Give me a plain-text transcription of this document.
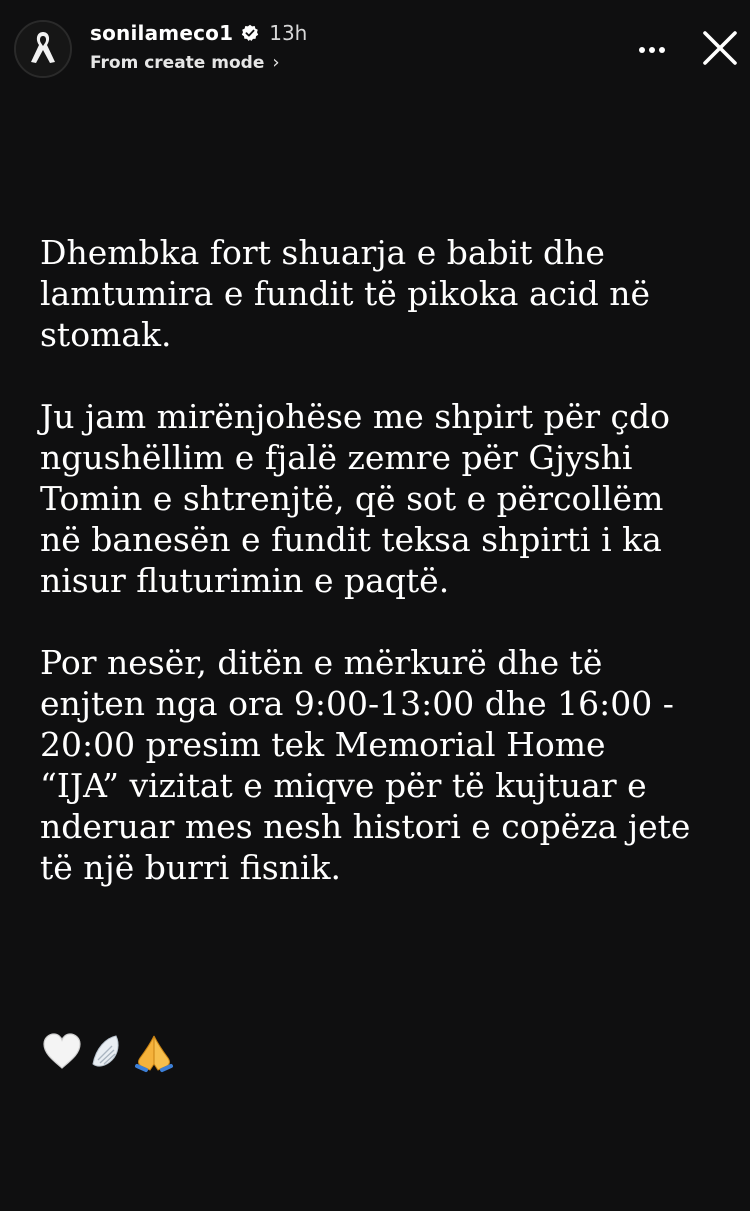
sonilameco1 13h
From create mode ›

Dhembka fort shuarja e babit dhe
lamtumira e fundit të pikoka acid në
stomak.

Ju jam mirënjohëse me shpirt për çdo
ngushëllim e fjalë zemre për Gjyshi
Tomin e shtrenjtë, që sot e përcollëm
në banesën e fundit teksa shpirti i ka
nisur fluturimin e paqtë.

Por nesër, ditën e mërkurë dhe të
enjten nga ora 9:00-13:00 dhe 16:00 -
20:00 presim tek Memorial Home
“IJA” vizitat e miqve për të kujtuar e
nderuar mes nesh histori e copëza jete
të një burri fisnik.
